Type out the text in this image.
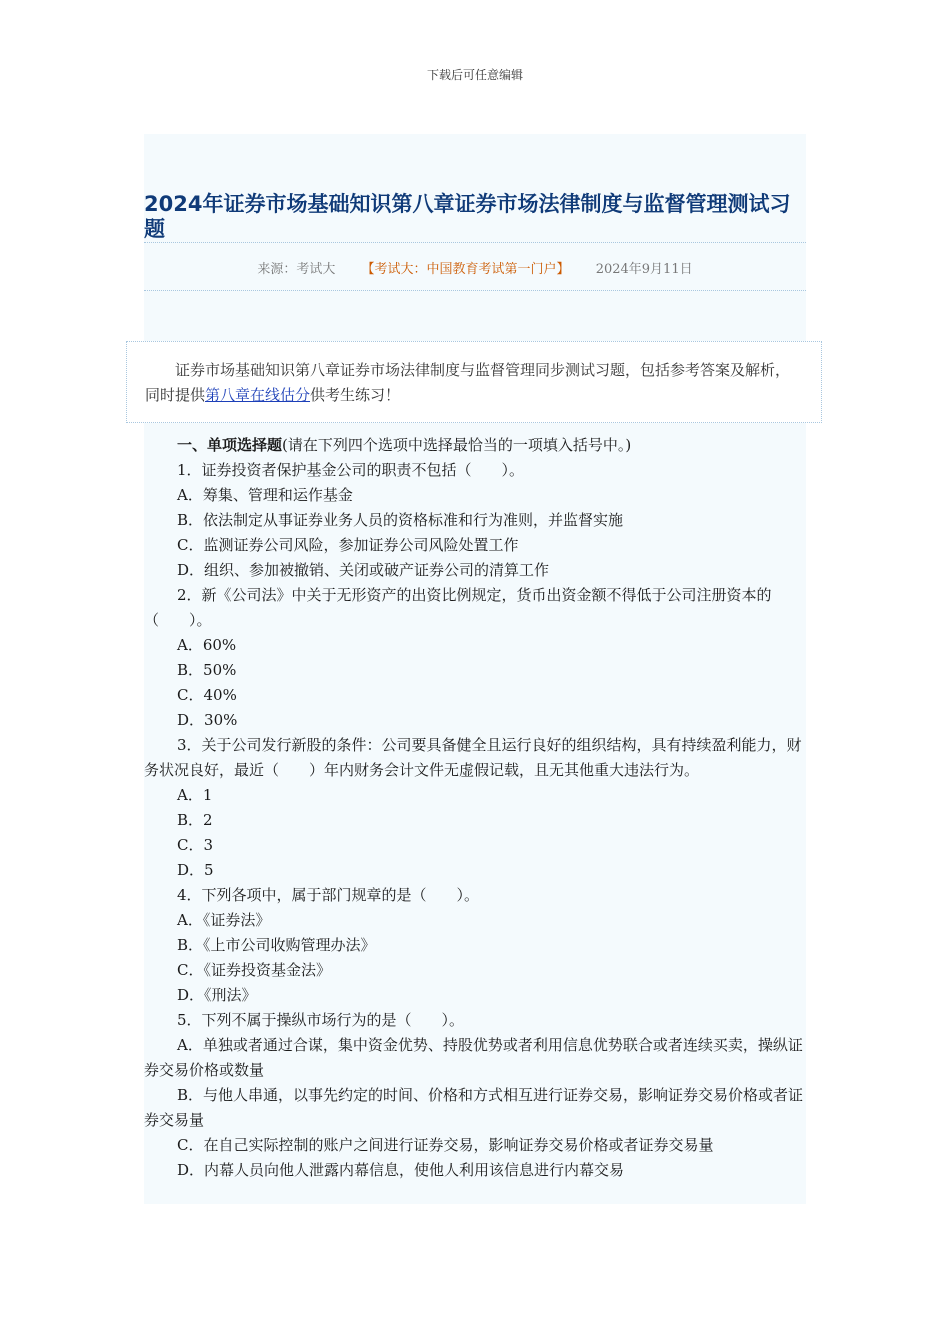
下载后可任意编辑
2024年证券市场基础知识第八章证券市场法律制度与监督管理测试习题
来源：考试大 【考试大：中国教育考试第一门户】 2024年9月11日
证券市场基础知识第八章证券市场法律制度与监督管理同步测试习题，包括参考答案及解析，同时提供第八章在线估分供考生练习！

一、单项选择题(请在下列四个选项中选择最恰当的一项填入括号中。)

1．证券投资者保护基金公司的职责不包括（　　）。

A．筹集、管理和运作基金

B．依法制定从事证券业务人员的资格标准和行为准则，并监督实施

C．监测证券公司风险，参加证券公司风险处置工作

D．组织、参加被撤销、关闭或破产证券公司的清算工作

2．新《公司法》中关于无形资产的出资比例规定，货币出资金额不得低于公司注册资本的（　　）。

A．60%

B．50%

C．40%

D．30%

3．关于公司发行新股的条件：公司要具备健全且运行良好的组织结构，具有持续盈利能力，财务状况良好，最近（　　）年内财务会计文件无虚假记载，且无其他重大违法行为。

A．1

B．2

C．3

D．5

4．下列各项中，属于部门规章的是（　　）。

A．《证券法》

B．《上市公司收购管理办法》

C．《证券投资基金法》

D．《刑法》

5．下列不属于操纵市场行为的是（　　）。

A．单独或者通过合谋，集中资金优势、持股优势或者利用信息优势联合或者连续买卖，操纵证券交易价格或数量

B．与他人串通，以事先约定的时间、价格和方式相互进行证券交易，影响证券交易价格或者证券交易量

C．在自己实际控制的账户之间进行证券交易，影响证券交易价格或者证券交易量

D．内幕人员向他人泄露内幕信息，使他人利用该信息进行内幕交易
